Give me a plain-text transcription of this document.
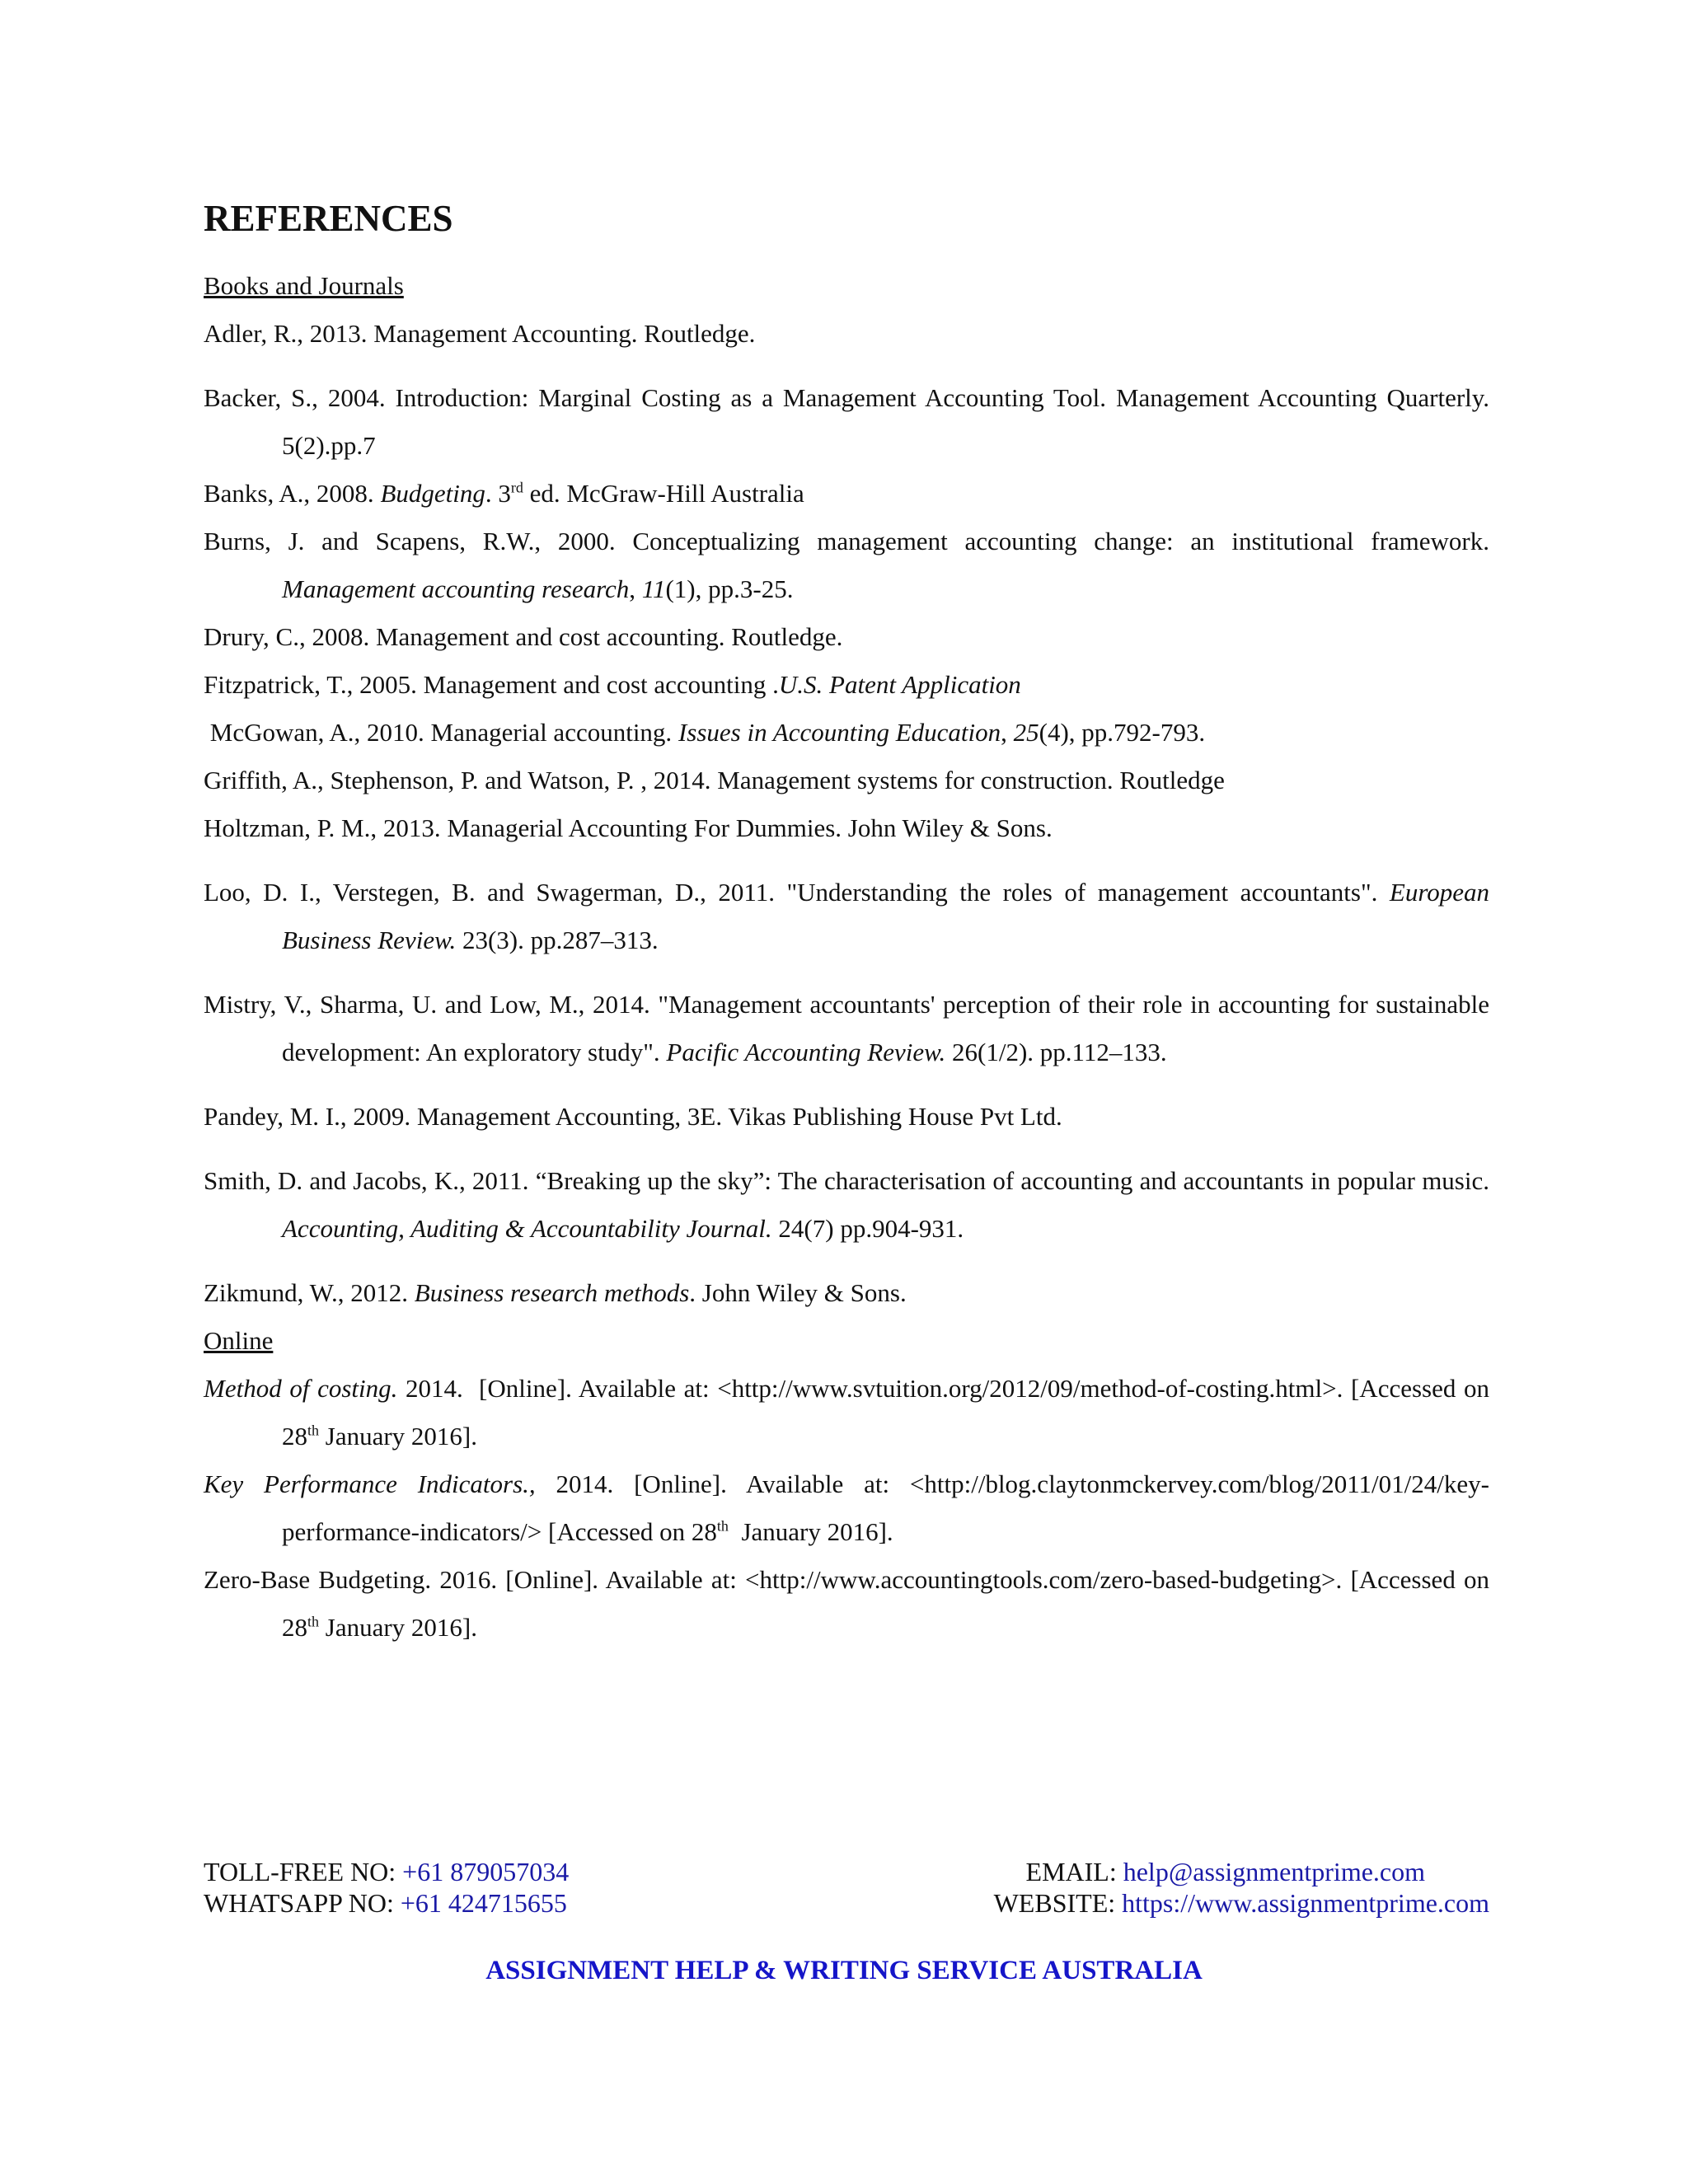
REFERENCES
Books and Journals
Adler, R., 2013. Management Accounting. Routledge.
Backer, S., 2004. Introduction: Marginal Costing as a Management Accounting Tool. Management Accounting Quarterly. 5(2).pp.7
Banks, A., 2008. Budgeting. 3rd ed. McGraw-Hill Australia
Burns, J. and Scapens, R.W., 2000. Conceptualizing management accounting change: an institutional framework. Management accounting research, 11(1), pp.3-25.
Drury, C., 2008. Management and cost accounting. Routledge.
Fitzpatrick, T., 2005. Management and cost accounting .U.S. Patent Application
McGowan, A., 2010. Managerial accounting. Issues in Accounting Education, 25(4), pp.792-793.
Griffith, A., Stephenson, P. and Watson, P. , 2014. Management systems for construction. Routledge
Holtzman, P. M., 2013. Managerial Accounting For Dummies. John Wiley & Sons.
Loo, D. I., Verstegen, B. and Swagerman, D., 2011. "Understanding the roles of management accountants". European Business Review. 23(3). pp.287–313.
Mistry, V., Sharma, U. and Low, M., 2014. "Management accountants' perception of their role in accounting for sustainable development: An exploratory study". Pacific Accounting Review. 26(1/2). pp.112–133.
Pandey, M. I., 2009. Management Accounting, 3E. Vikas Publishing House Pvt Ltd.
Smith, D. and Jacobs, K., 2011. “Breaking up the sky”: The characterisation of accounting and accountants in popular music. Accounting, Auditing & Accountability Journal. 24(7) pp.904-931.
Zikmund, W., 2012. Business research methods. John Wiley & Sons.
Online
Method of costing. 2014.  [Online]. Available at: <http://www.svtuition.org/2012/09/method-of-costing.html>. [Accessed on 28th January 2016].
Key Performance Indicators., 2014. [Online]. Available at: <http://blog.claytonmckervey.com/blog/2011/01/24/key-performance-indicators/> [Accessed on 28th  January 2016].
Zero-Base Budgeting. 2016. [Online]. Available at: <http://www.accountingtools.com/zero-based-budgeting>. [Accessed on 28th January 2016].
TOLL-FREE NO: +61 879057034	EMAIL: help@assignmentprime.com
WHATSAPP NO: +61 424715655	WEBSITE: https://www.assignmentprime.com
ASSIGNMENT HELP & WRITING SERVICE AUSTRALIA
